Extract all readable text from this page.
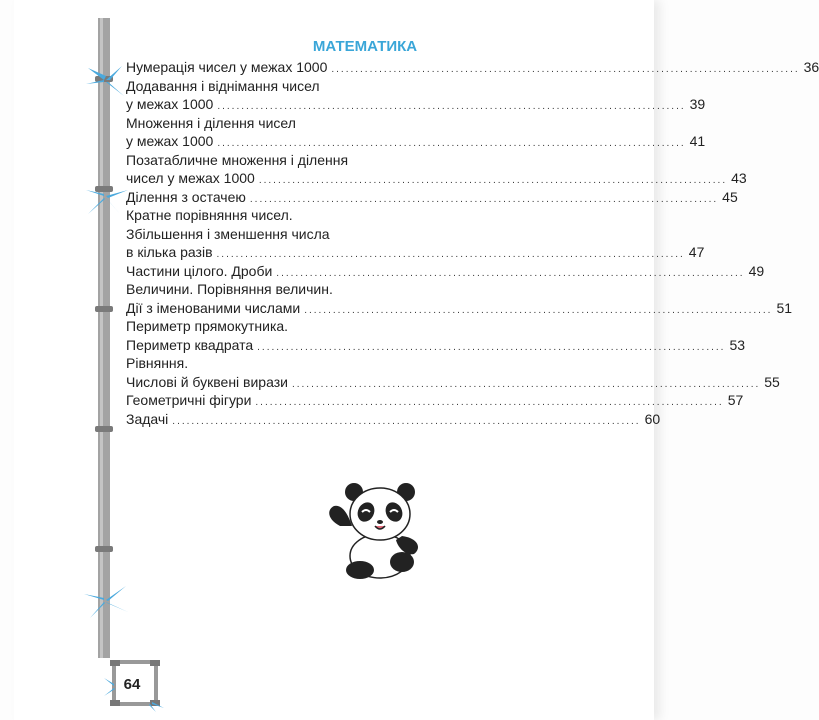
МАТЕМАТИКА
Нумерація чисел у межах 1000 .................................................................................................. 36
Додавання і віднімання чисел
у межах 1000 .................................................................................................. 39
Множення і ділення чисел
у межах 1000 .................................................................................................. 41
Позатабличне множення і ділення
чисел у межах 1000 .................................................................................................. 43
Ділення з остачею .................................................................................................. 45
Кратне порівняння чисел.
Збільшення і зменшення числа
в кілька разів .................................................................................................. 47
Частини цілого. Дроби .................................................................................................. 49
Величини. Порівняння величин.
Дії з іменованими числами .................................................................................................. 51
Периметр прямокутника.
Периметр квадрата .................................................................................................. 53
Рівняння.
Числові й буквені вирази .................................................................................................. 55
Геометричні фігури .................................................................................................. 57
Задачі .................................................................................................. 60
64
